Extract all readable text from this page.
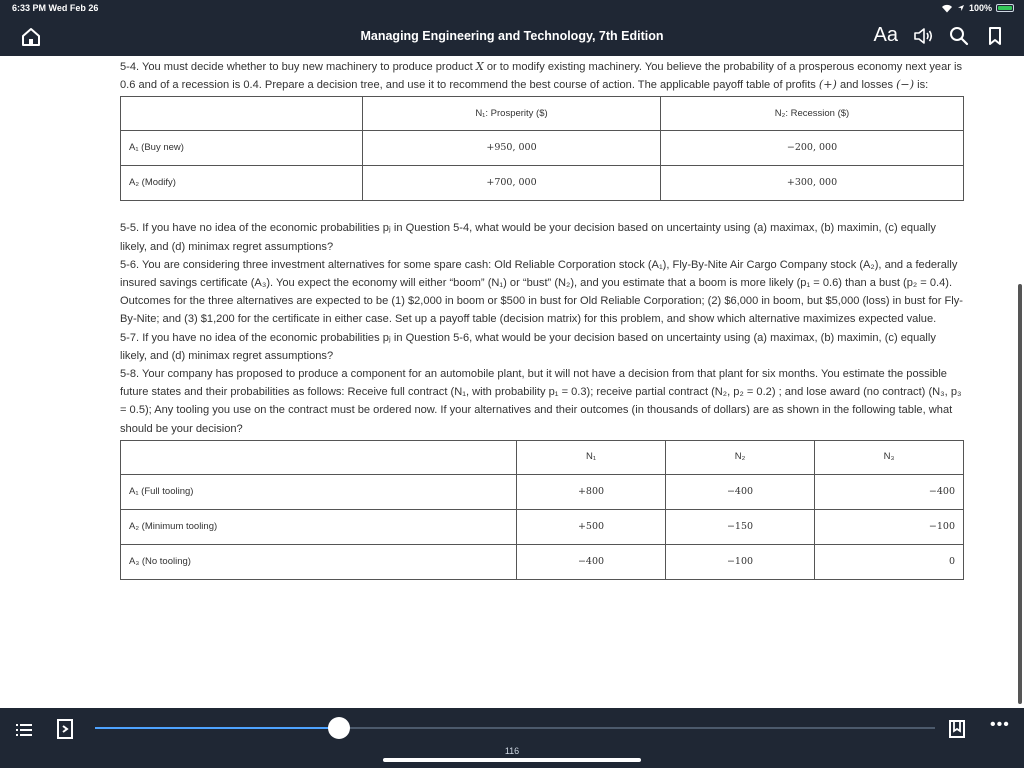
6:33 PM Wed Feb 26	100%
Managing Engineering and Technology, 7th Edition	Aa

5-4. You must decide whether to buy new machinery to produce product X or to modify existing machinery. You believe the probability of a prosperous economy next year is 0.6 and of a recession is 0.4. Prepare a decision tree, and use it to recommend the best course of action. The applicable payoff table of profits (+) and losses (−) is:

	N₁: Prosperity ($)	N₂: Recession ($)
A₁ (Buy new)	+950, 000	−200, 000
A₂ (Modify)	+700, 000	+300, 000

5-5. If you have no idea of the economic probabilities pⱼ in Question 5-4, what would be your decision based on uncertainty using (a) maximax, (b) maximin, (c) equally likely, and (d) minimax regret assumptions?

5-6. You are considering three investment alternatives for some spare cash: Old Reliable Corporation stock (A₁), Fly-By-Nite Air Cargo Company stock (A₂), and a federally insured savings certificate (A₃). You expect the economy will either “boom” (N₁) or “bust” (N₂), and you estimate that a boom is more likely (p₁ = 0.6) than a bust (p₂ = 0.4). Outcomes for the three alternatives are expected to be (1) $2,000 in boom or $500 in bust for Old Reliable Corporation; (2) $6,000 in boom, but $5,000 (loss) in bust for Fly-By-Nite; and (3) $1,200 for the certificate in either case. Set up a payoff table (decision matrix) for this problem, and show which alternative maximizes expected value.

5-7. If you have no idea of the economic probabilities pⱼ in Question 5-6, what would be your decision based on uncertainty using (a) maximax, (b) maximin, (c) equally likely, and (d) minimax regret assumptions?

5-8. Your company has proposed to produce a component for an automobile plant, but it will not have a decision from that plant for six months. You estimate the possible future states and their probabilities as follows: Receive full contract (N₁, with probability p₁ = 0.3); receive partial contract (N₂, p₂ = 0.2) ; and lose award (no contract) (N₃, p₃ = 0.5); Any tooling you use on the contract must be ordered now. If your alternatives and their outcomes (in thousands of dollars) are as shown in the following table, what should be your decision?

	N₁	N₂	N₃
A₁ (Full tooling)	+800	−400	−400
A₂ (Minimum tooling)	+500	−150	−100
A₃ (No tooling)	−400	−100	0
•••
116
